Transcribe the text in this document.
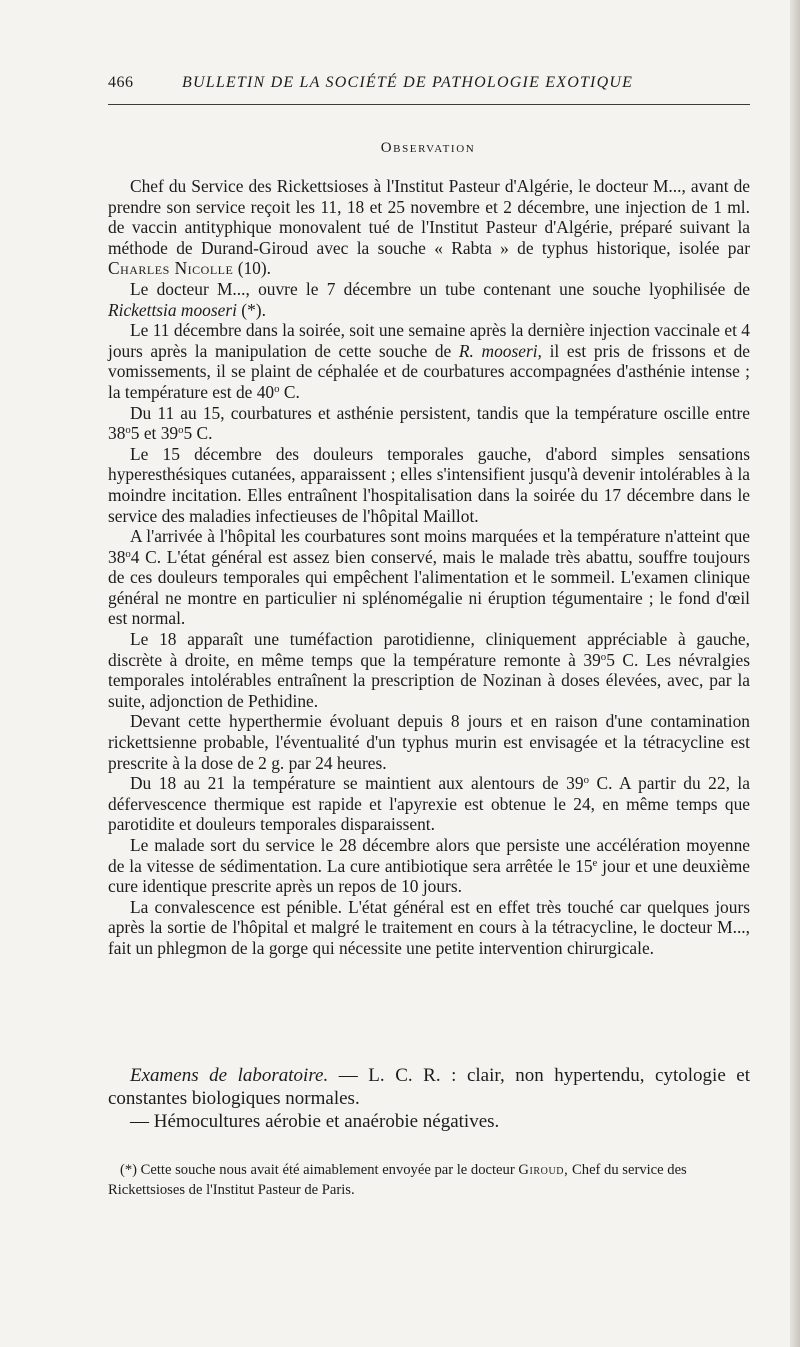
466	BULLETIN DE LA SOCIÉTÉ DE PATHOLOGIE EXOTIQUE
Observation

Chef du Service des Rickettsioses à l'Institut Pasteur d'Algérie, le docteur M..., avant de prendre son service reçoit les 11, 18 et 25 novembre et 2 décembre, une injection de 1 ml. de vaccin antityphique monovalent tué de l'Institut Pasteur d'Algérie, préparé suivant la méthode de Durand-Giroud avec la souche « Rabta » de typhus historique, isolée par Charles Nicolle (10).

Le docteur M..., ouvre le 7 décembre un tube contenant une souche lyophilisée de Rickettsia mooseri (*).

Le 11 décembre dans la soirée, soit une semaine après la dernière injection vaccinale et 4 jours après la manipulation de cette souche de R. mooseri, il est pris de frissons et de vomissements, il se plaint de céphalée et de courbatures accompagnées d'asthénie intense ; la température est de 40$^o$ C.

Du 11 au 15, courbatures et asthénie persistent, tandis que la température oscille entre 38$^o$5 et 39$^o$5 C.

Le 15 décembre des douleurs temporales gauche, d'abord simples sensations hyperesthésiques cutanées, apparaissent ; elles s'intensifient jusqu'à devenir intolérables à la moindre incitation. Elles entraînent l'hospitalisation dans la soirée du 17 décembre dans le service des maladies infectieuses de l'hôpital Maillot.

A l'arrivée à l'hôpital les courbatures sont moins marquées et la température n'atteint que 38$^o$4 C. L'état général est assez bien conservé, mais le malade très abattu, souffre toujours de ces douleurs temporales qui empêchent l'alimentation et le sommeil. L'examen clinique général ne montre en particulier ni splénomégalie ni éruption tégumentaire ; le fond d'œil est normal.

Le 18 apparaît une tuméfaction parotidienne, cliniquement appréciable à gauche, discrète à droite, en même temps que la température remonte à 39$^o$5 C. Les névralgies temporales intolérables entraînent la prescription de Nozinan à doses élevées, avec, par la suite, adjonction de Pethidine.

Devant cette hyperthermie évoluant depuis 8 jours et en raison d'une contamination rickettsienne probable, l'éventualité d'un typhus murin est envisagée et la tétracycline est prescrite à la dose de 2 g. par 24 heures.

Du 18 au 21 la température se maintient aux alentours de 39$^o$ C. A partir du 22, la défervescence thermique est rapide et l'apyrexie est obtenue le 24, en même temps que parotidite et douleurs temporales disparaissent.

Le malade sort du service le 28 décembre alors que persiste une accélération moyenne de la vitesse de sédimentation. La cure antibiotique sera arrêtée le 15e jour et une deuxième cure identique prescrite après un repos de 10 jours.

La convalescence est pénible. L'état général est en effet très touché car quelques jours après la sortie de l'hôpital et malgré le traitement en cours à la tétracycline, le docteur M..., fait un phlegmon de la gorge qui nécessite une petite intervention chirurgicale.

Examens de laboratoire. — L. C. R. : clair, non hypertendu, cytologie et constantes biologiques normales.

— Hémocultures aérobie et anaérobie négatives.

(*) Cette souche nous avait été aimablement envoyée par le docteur Giroud, Chef du service des Rickettsioses de l'Institut Pasteur de Paris.
